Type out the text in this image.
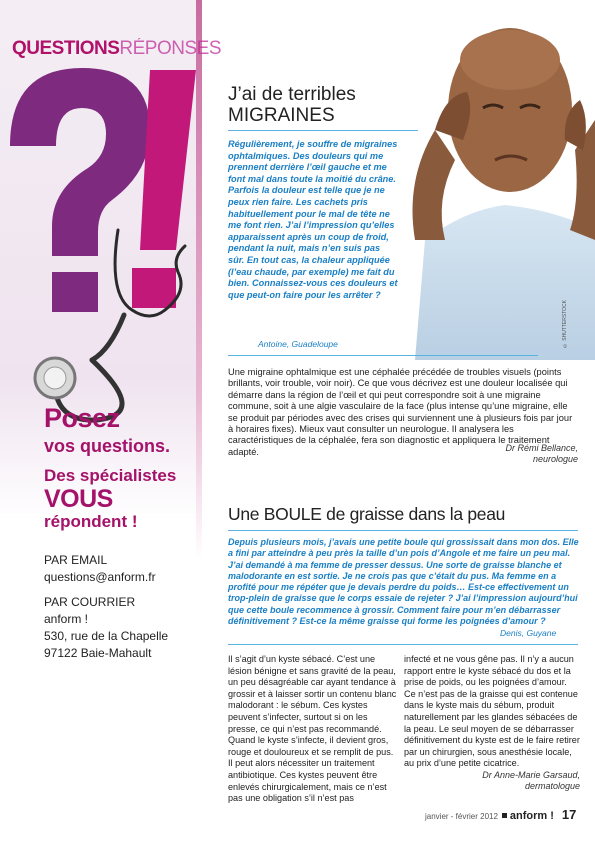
QUESTIONSRÉPONSES
Posez
vos questions.
Des spécialistes
VOUS
répondent !
PAR EMAIL
questions@anform.fr
PAR COURRIER
anform !
530, rue de la Chapelle
97122 Baie-Mahault
© SHUTTERSTOCK
J’ai de terribles
MIGRAINES
Régulièrement, je souffre de migraines ophtalmiques. Des douleurs qui me prennent derrière l’œil gauche et me font mal dans toute la moitié du crâne. Parfois la douleur est telle que je ne peux rien faire. Les cachets pris habituellement pour le mal de tête ne me font rien. J’ai l’impression qu’elles apparaissent après un coup de froid, pendant la nuit, mais n’en suis pas sûr. En tout cas, la chaleur appliquée (l’eau chaude, par exemple) me fait du bien. Connaissez-vous ces douleurs et que peut-on faire pour les arrêter ?
Antoine, Guadeloupe
Une migraine ophtalmique est une céphalée précédée de troubles visuels (points brillants, voir trouble, voir noir). Ce que vous décrivez est une douleur localisée qui démarre dans la région de l’œil et qui peut correspondre soit à une migraine commune, soit à une algie vasculaire de la face (plus intense qu’une migraine, elle se produit par périodes avec des crises qui surviennent une à plusieurs fois par jour à horaires fixes). Mieux vaut consulter un neurologue. Il analysera les caractéristiques de la céphalée, fera son diagnostic et appliquera le traitement adapté.	Dr Rémi Bellance,
neurologue
Une BOULE de graisse dans la peau
Depuis plusieurs mois, j’avais une petite boule qui grossissait dans mon dos. Elle a fini par atteindre à peu près la taille d’un pois d’Angole et me faire un peu mal. J’ai demandé à ma femme de presser dessus. Une sorte de graisse blanche et malodorante en est sortie. Je ne crois pas que c’était du pus. Ma femme en a profité pour me répéter que je devais perdre du poids… Est-ce effectivement un trop-plein de graisse que le corps essaie de rejeter ? J’ai l’impression aujourd’hui que cette boule recommence à grossir. Comment faire pour m’en débarrasser définitivement ? Est-ce la même graisse qui forme les poignées d’amour ?
Denis, Guyane
Il s’agit d’un kyste sébacé. C’est une lésion bénigne et sans gravité de la peau, un peu désagréable car ayant tendance à grossir et à laisser sortir un contenu blanc malodorant : le sébum. Ces kystes peuvent s’infecter, surtout si on les presse, ce qui n’est pas recommandé. Quand le kyste s’infecte, il devient gros, rouge et douloureux et se remplit de pus. Il peut alors nécessiter un traitement antibiotique. Ces kystes peuvent être enlevés chirurgicalement, mais ce n’est pas une obligation s’il n’est pas
infecté et ne vous gêne pas. Il n’y a aucun rapport entre le kyste sébacé du dos et la prise de poids, ou les poignées d’amour. Ce n’est pas de la graisse qui est contenue dans le kyste mais du sébum, produit naturellement par les glandes sébacées de la peau. Le seul moyen de se débarrasser définitivement du kyste est de le faire retirer par un chirurgien, sous anesthésie locale, au prix d’une petite cicatrice.
Dr Anne-Marie Garsaud,
dermatologue
janvier - février 2012 anform ! 17
